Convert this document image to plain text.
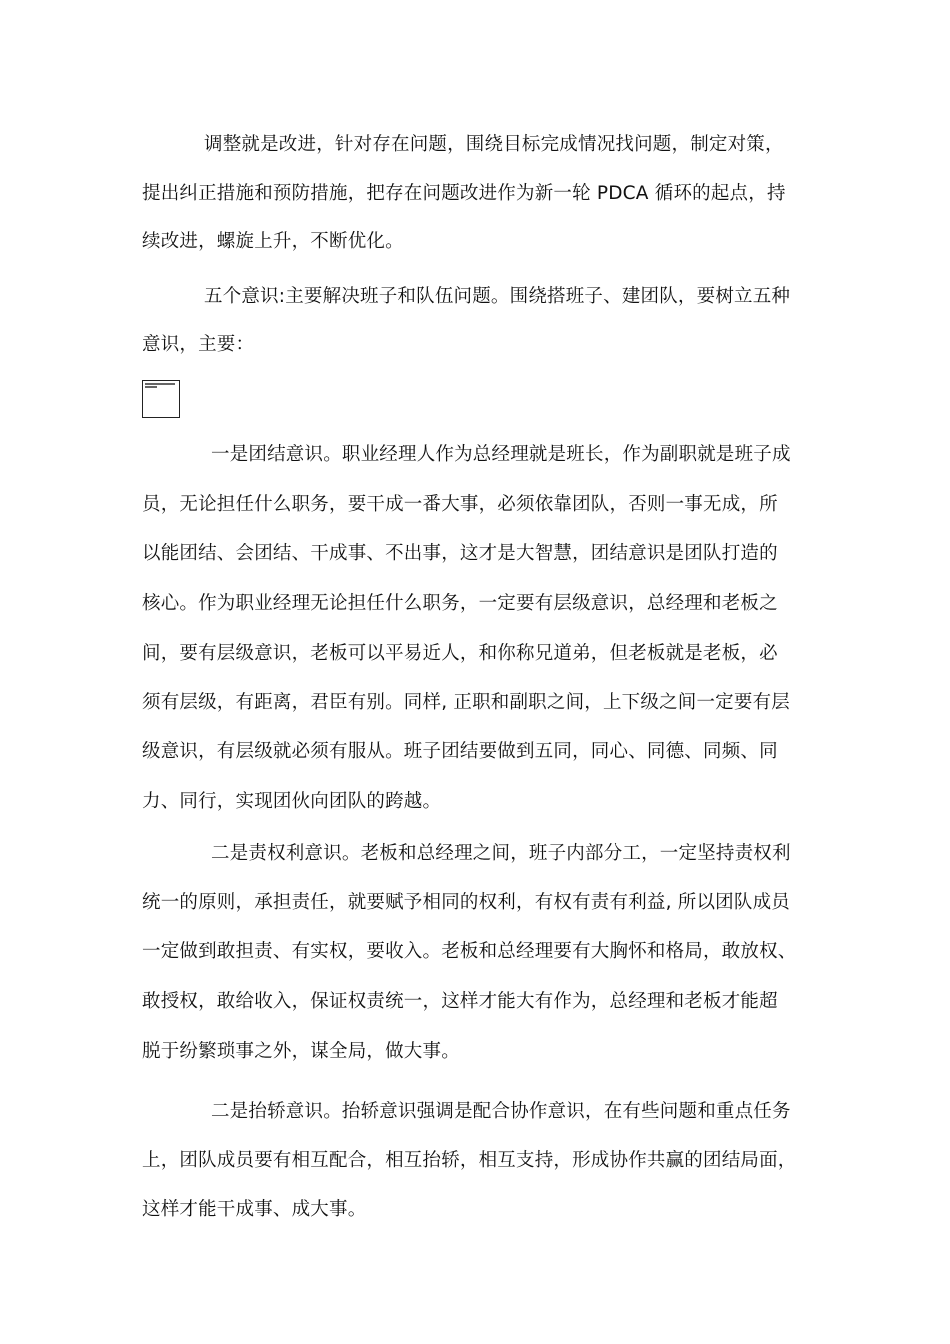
调整就是改进，针对存在问题，围绕目标完成情况找问题，制定对策，
提出纠正措施和预防措施，把存在问题改进作为新一轮 PDCA 循环的起点，持
续改进，螺旋上升，不断优化。
五个意识:主要解决班子和队伍问题。围绕搭班子、建团队，要树立五种
意识，主要：
一是团结意识。职业经理人作为总经理就是班长，作为副职就是班子成
员，无论担任什么职务，要干成一番大事，必须依靠团队，否则一事无成，所
以能团结、会团结、干成事、不出事，这才是大智慧，团结意识是团队打造的
核心。作为职业经理无论担任什么职务，一定要有层级意识，总经理和老板之
间，要有层级意识，老板可以平易近人，和你称兄道弟，但老板就是老板，必
须有层级，有距离，君臣有别。同样, 正职和副职之间，上下级之间一定要有层
级意识，有层级就必须有服从。班子团结要做到五同，同心、同德、同频、同
力、同行，实现团伙向团队的跨越。
二是责权利意识。老板和总经理之间，班子内部分工，一定坚持责权利
统一的原则，承担责任，就要赋予相同的权利，有权有责有利益, 所以团队成员
一定做到敢担责、有实权，要收入。老板和总经理要有大胸怀和格局，敢放权、
敢授权，敢给收入，保证权责统一，这样才能大有作为，总经理和老板才能超
脱于纷繁琐事之外，谋全局，做大事。
二是抬轿意识。抬轿意识强调是配合协作意识，在有些问题和重点任务
上，团队成员要有相互配合，相互抬轿，相互支持，形成协作共赢的团结局面，
这样才能干成事、成大事。
